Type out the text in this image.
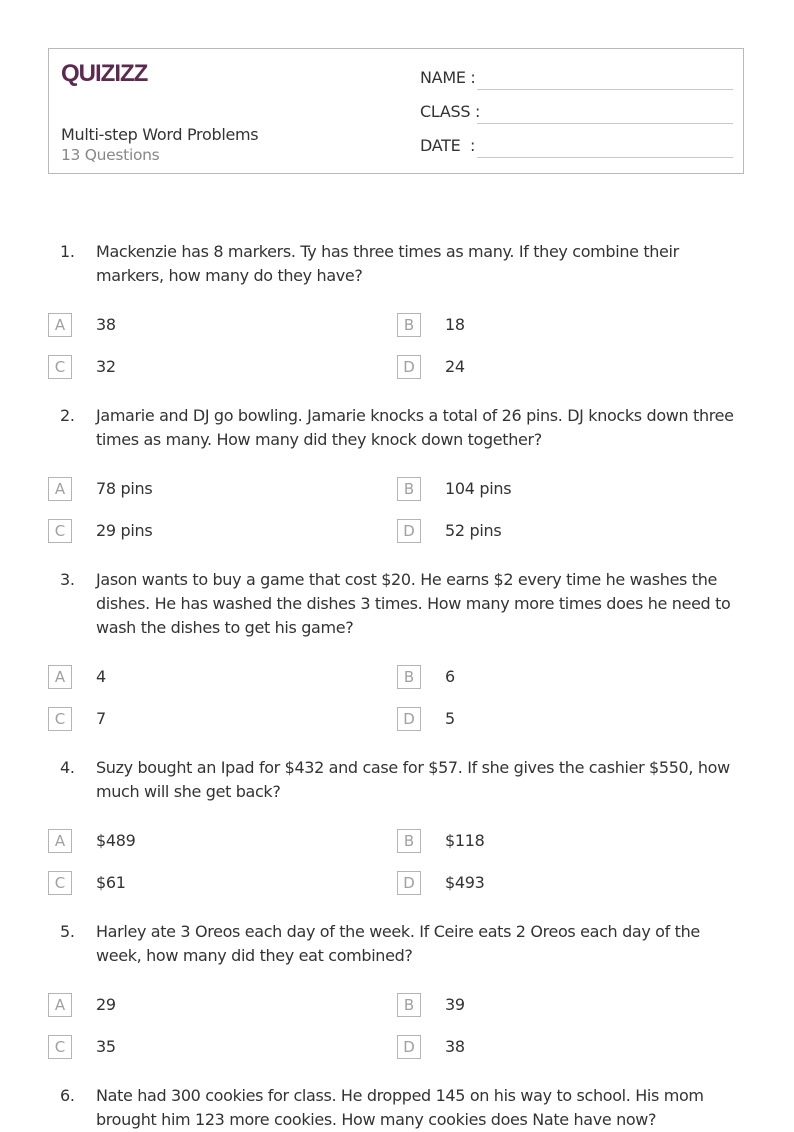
QUIZIZZ
Multi-step Word Problems
13 Questions
NAME :
CLASS :
DATE  :
1. Mackenzie has 8 markers. Ty has three times as many. If they combine their markers, how many do they have?
A	38	B	18
C	32	D	24
2. Jamarie and DJ go bowling. Jamarie knocks a total of 26 pins. DJ knocks down three times as many. How many did they knock down together?
A	78 pins	B	104 pins
C	29 pins	D	52 pins
3. Jason wants to buy a game that cost $20. He earns $2 every time he washes the dishes. He has washed the dishes 3 times. How many more times does he need to wash the dishes to get his game?
A	4	B	6
C	7	D	5
4. Suzy bought an Ipad for $432 and case for $57. If she gives the cashier $550, how much will she get back?
A	$489	B	$118
C	$61	D	$493
5. Harley ate 3 Oreos each day of the week. If Ceire eats 2 Oreos each day of the week, how many did they eat combined?
A	29	B	39
C	35	D	38
6. Nate had 300 cookies for class. He dropped 145 on his way to school. His mom brought him 123 more cookies. How many cookies does Nate have now?
